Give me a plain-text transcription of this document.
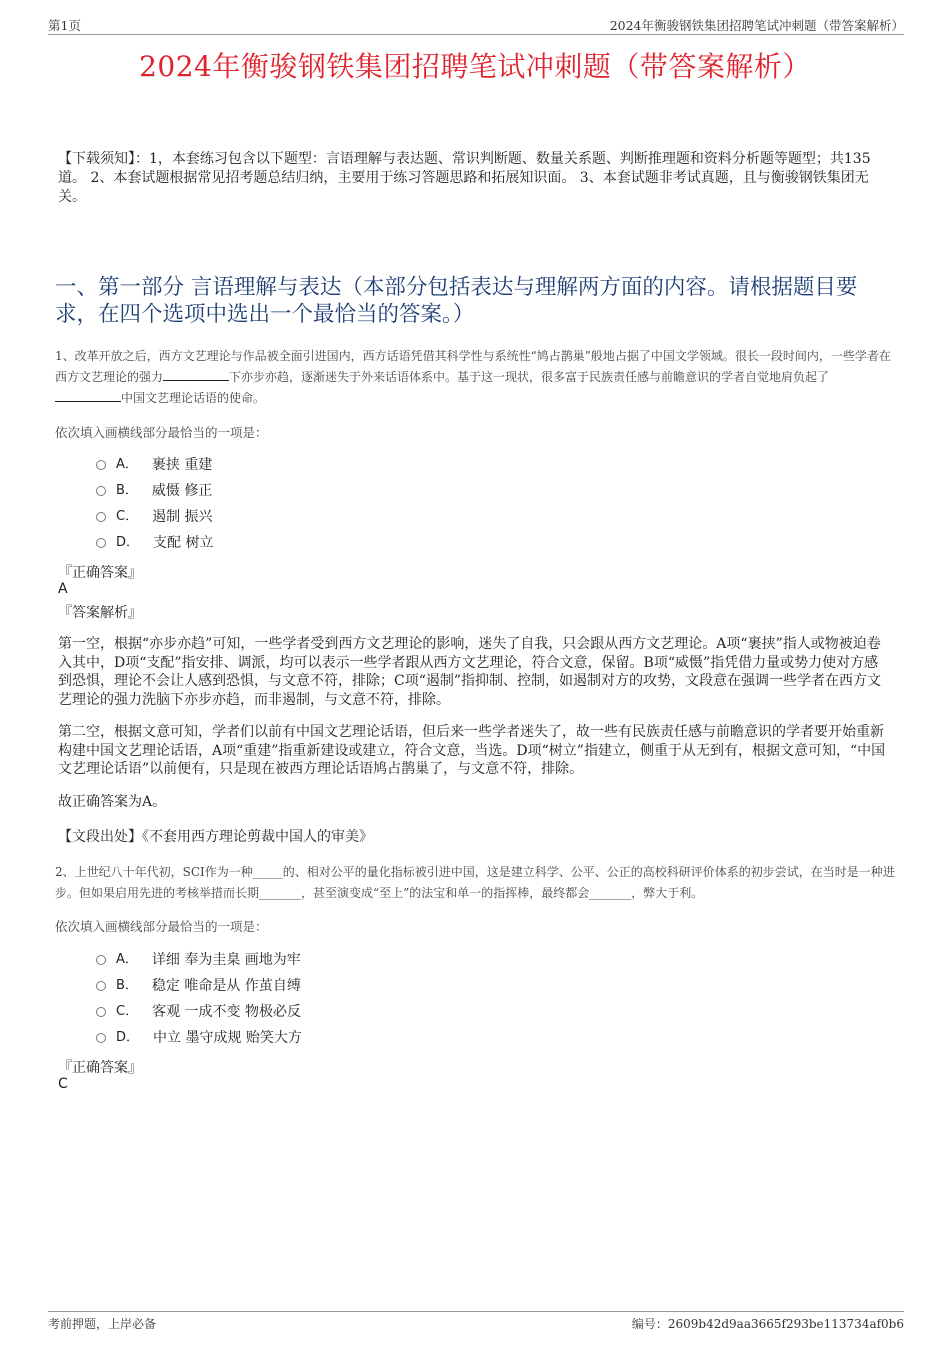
第1页	2024年衡骏钢铁集团招聘笔试冲刺题（带答案解析）
2024年衡骏钢铁集团招聘笔试冲刺题（带答案解析）
【下载须知】：1，本套练习包含以下题型：言语理解与表达题、常识判断题、数量关系题、判断推理题和资料分析题等题型；共135道。 2、本套试题根据常见招考题总结归纳，主要用于练习答题思路和拓展知识面。 3、本套试题非考试真题，且与衡骏钢铁集团无关。
一、第一部分 言语理解与表达（本部分包括表达与理解两方面的内容。请根据题目要求，在四个选项中选出一个最恰当的答案。）
1、改革开放之后，西方文艺理论与作品被全面引进国内，西方话语凭借其科学性与系统性“鸠占鹊巢”般地占据了中国文学领域。很长一段时间内，一些学者在西方文艺理论的强力	下亦步亦趋，逐渐迷失于外来话语体系中。基于这一现状，很多富于民族责任感与前瞻意识的学者自觉地肩负起了中国文艺理论话语的使命。
依次填入画横线部分最恰当的一项是：
A． 裹挟 重建
B． 威慑 修正
C． 遏制 振兴
D． 支配 树立
『正确答案』
A
『答案解析』
第一空，根据“亦步亦趋”可知，一些学者受到西方文艺理论的影响，迷失了自我，只会跟从西方文艺理论。A项“裹挟”指人或物被迫卷入其中，D项“支配”指安排、调派，均可以表示一些学者跟从西方文艺理论，符合文意，保留。B项“威慑”指凭借力量或势力使对方感到恐惧，理论不会让人感到恐惧，与文意不符，排除；C项“遏制”指抑制、控制，如遏制对方的攻势，文段意在强调一些学者在西方文艺理论的强力洗脑下亦步亦趋，而非遏制，与文意不符，排除。
第二空，根据文意可知，学者们以前有中国文艺理论话语，但后来一些学者迷失了，故一些有民族责任感与前瞻意识的学者要开始重新构建中国文艺理论话语，A项“重建”指重新建设或建立，符合文意，当选。D项“树立”指建立，侧重于从无到有，根据文意可知，“中国文艺理论话语”以前便有，只是现在被西方理论话语鸠占鹊巢了，与文意不符，排除。
故正确答案为A。
【文段出处】《不套用西方理论剪裁中国人的审美》
2、上世纪八十年代初，SCI作为一种_____的、相对公平的量化指标被引进中国，这是建立科学、公平、公正的高校科研评价体系的初步尝试，在当时是一种进步。但如果启用先进的考核举措而长期_______，甚至演变成“至上”的法宝和单一的指挥棒，最终都会_______，弊大于利。
依次填入画横线部分最恰当的一项是：
A． 详细 奉为圭臬 画地为牢
B． 稳定 唯命是从 作茧自缚
C． 客观 一成不变 物极必反
D． 中立 墨守成规 贻笑大方
『正确答案』
C
考前押题，上岸必备	编号：2609b42d9aa3665f293be113734af0b6
